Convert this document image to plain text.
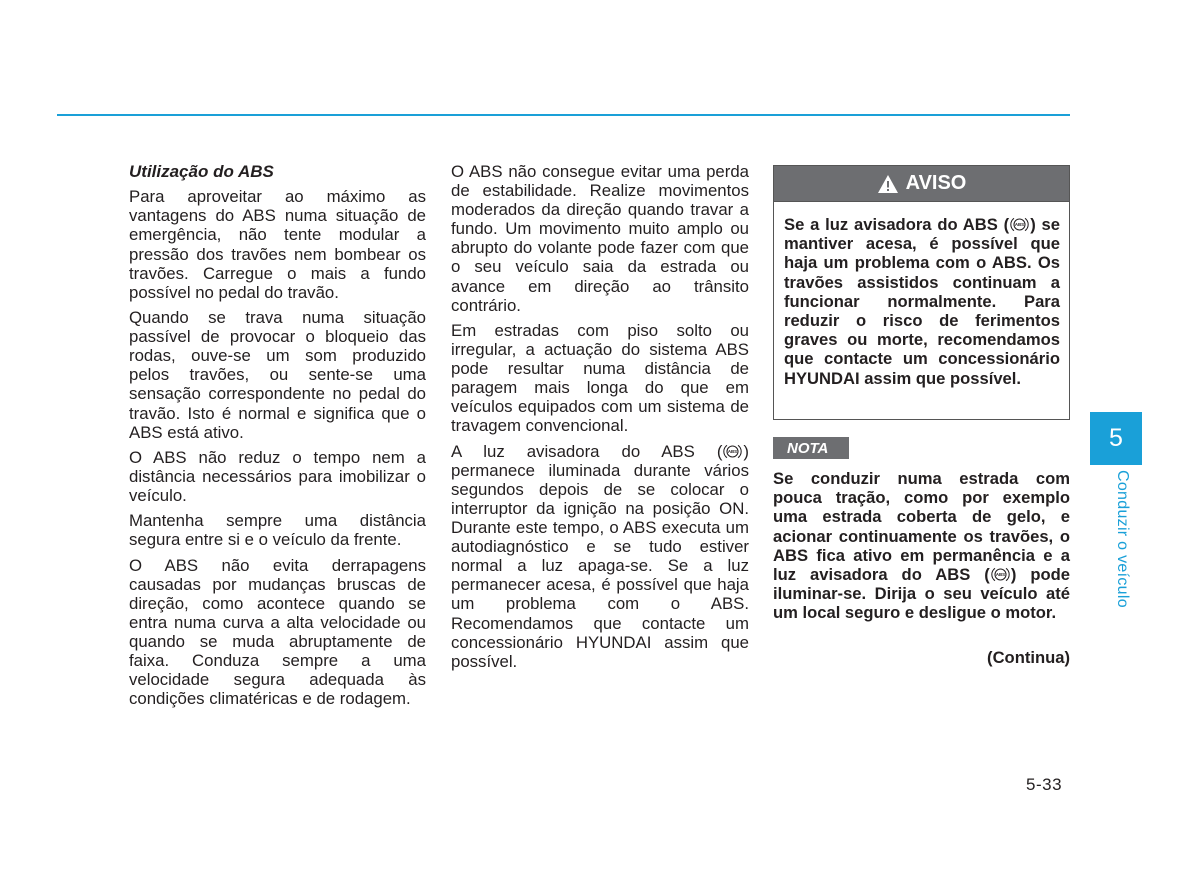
Utilização do ABS

Para aproveitar ao máximo as vantagens do ABS numa situação de emergência, não tente modular a pressão dos travões nem bombear os travões. Carregue o mais a fundo possível no pedal do travão.

Quando se trava numa situação passível de provocar o bloqueio das rodas, ouve-se um som produzido pelos travões, ou sente-se uma sensação correspondente no pedal do travão. Isto é normal e significa que o ABS está ativo.

O ABS não reduz o tempo nem a distância necessários para imobilizar o veículo.

Mantenha sempre uma distância segura entre si e o veículo da frente.

O ABS não evita derrapagens causadas por mudanças bruscas de direção, como acontece quando se entra numa curva a alta velocidade ou quando se muda abruptamente de faixa. Conduza sempre a uma velocidade segura adequada às condições climatéricas e de rodagem.

O ABS não consegue evitar uma perda de estabilidade. Realize movimentos moderados da direção quando travar a fundo. Um movimento muito amplo ou abrupto do volante pode fazer com que o seu veículo saia da estrada ou avance em direção ao trânsito contrário.

Em estradas com piso solto ou irregular, a actuação do sistema ABS pode resultar numa distância de paragem mais longa do que em veículos equipados com um sistema de travagem convencional.

A luz avisadora do ABS ( ABS ) permanece iluminada durante vários segundos depois de se colocar o interruptor da ignição na posição ON. Durante este tempo, o ABS executa um autodiagnóstico e se tudo estiver normal a luz apaga-se. Se a luz permanecer acesa, é possível que haja um problema com o ABS. Recomendamos que contacte um concessionário HYUNDAI assim que possível.

AVISO
Se a luz avisadora do ABS ( ABS ) se mantiver acesa, é possível que haja um problema com o ABS. Os travões assistidos continuam a funcionar normalmente. Para reduzir o risco de ferimentos graves ou morte, recomendamos que contacte um concessionário HYUNDAI assim que possível.
NOTA
Se conduzir numa estrada com pouca tração, como por exemplo uma estrada coberta de gelo, e acionar continuamente os travões, o ABS fica ativo em permanência e a luz avisadora do ABS ( ABS ) pode iluminar-se. Dirija o seu veículo até um local seguro e desligue o motor.
(Continua)
5
Conduzir o veículo
5-33
